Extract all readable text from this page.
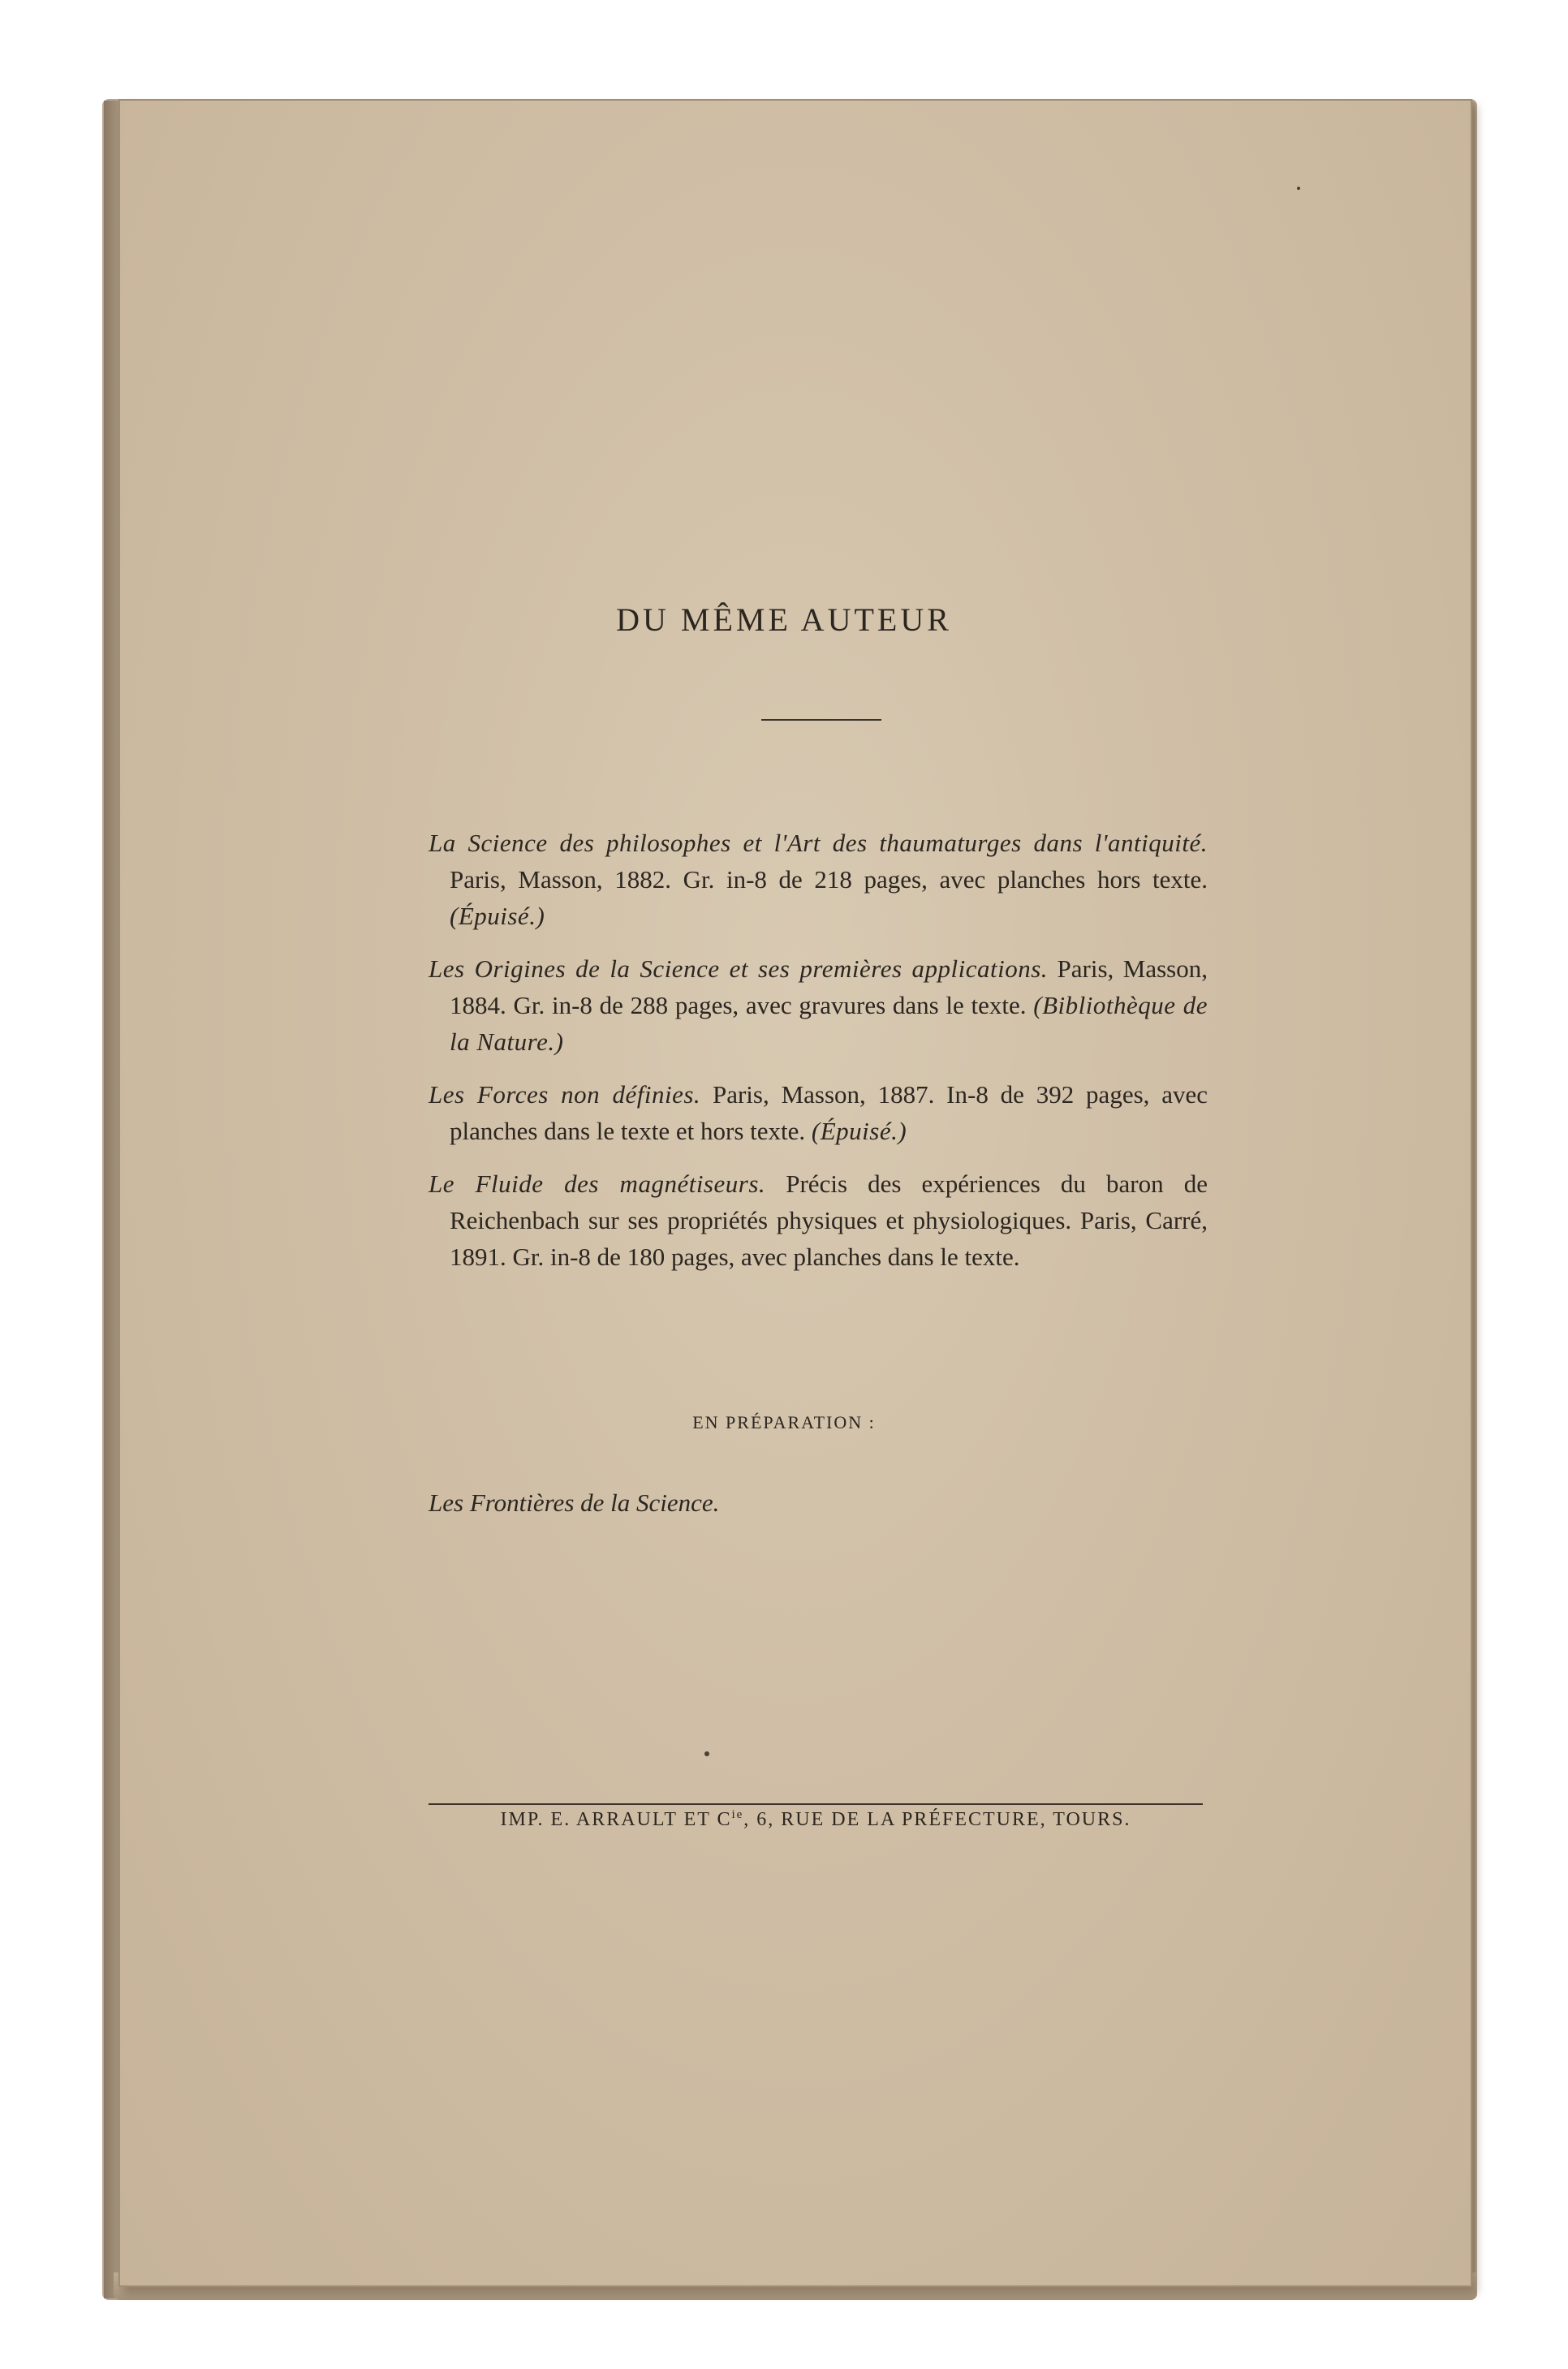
DU MÊME AUTEUR

La Science des philosophes et l'Art des thaumaturges dans l'antiquité. Paris, Masson, 1882. Gr. in-8 de 218 pages, avec planches hors texte. (Épuisé.)

Les Origines de la Science et ses premières applications. Paris, Masson, 1884. Gr. in-8 de 288 pages, avec gravures dans le texte. (Bibliothèque de la Nature.)

Les Forces non définies. Paris, Masson, 1887. In-8 de 392 pages, avec planches dans le texte et hors texte. (Épuisé.)

Le Fluide des magnétiseurs. Précis des expériences du baron de Reichenbach sur ses propriétés physiques et physiologiques. Paris, Carré, 1891. Gr. in-8 de 180 pages, avec planches dans le texte.

EN PRÉPARATION :
Les Frontières de la Science.
IMP. E. ARRAULT ET $C^{ie}$, 6, RUE DE LA PRÉFECTURE, TOURS.
